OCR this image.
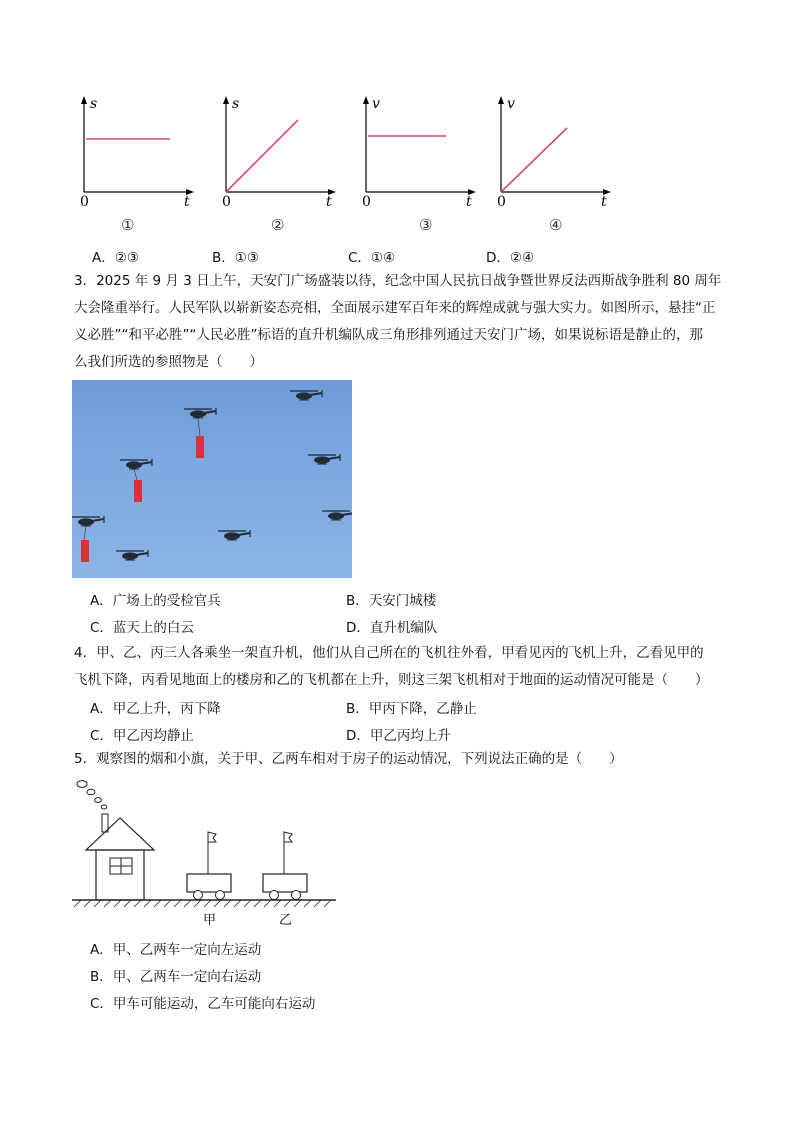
s
t
0
①
s
t
0
②
v
t
0
③
v
t
0
④
A．②③	B．①③	C．①④	D．②④
3．2025 年 9 月 3 日上午，天安门广场盛装以待，纪念中国人民抗日战争暨世界反法西斯战争胜利 80 周年
大会隆重举行。人民军队以崭新姿态亮相，全面展示建军百年来的辉煌成就与强大实力。如图所示，悬挂“正
义必胜”“和平必胜”“人民必胜”标语的直升机编队成三角形排列通过天安门广场，如果说标语是静止的，那
么我们所选的参照物是（　　）
A．广场上的受检官兵	B．天安门城楼
C．蓝天上的白云	D．直升机编队
4．甲、乙、丙三人各乘坐一架直升机，他们从自己所在的飞机往外看，甲看见丙的飞机上升，乙看见甲的
飞机下降，丙看见地面上的楼房和乙的飞机都在上升，则这三架飞机相对于地面的运动情况可能是（　　）
A．甲乙上升，丙下降	B．甲丙下降，乙静止
C．甲乙丙均静止	D．甲乙丙均上升
5．观察图的烟和小旗，关于甲、乙两车相对于房子的运动情况，下列说法正确的是（　　）
甲	乙
A．甲、乙两车一定向左运动
B．甲、乙两车一定向右运动
C．甲车可能运动，乙车可能向右运动
